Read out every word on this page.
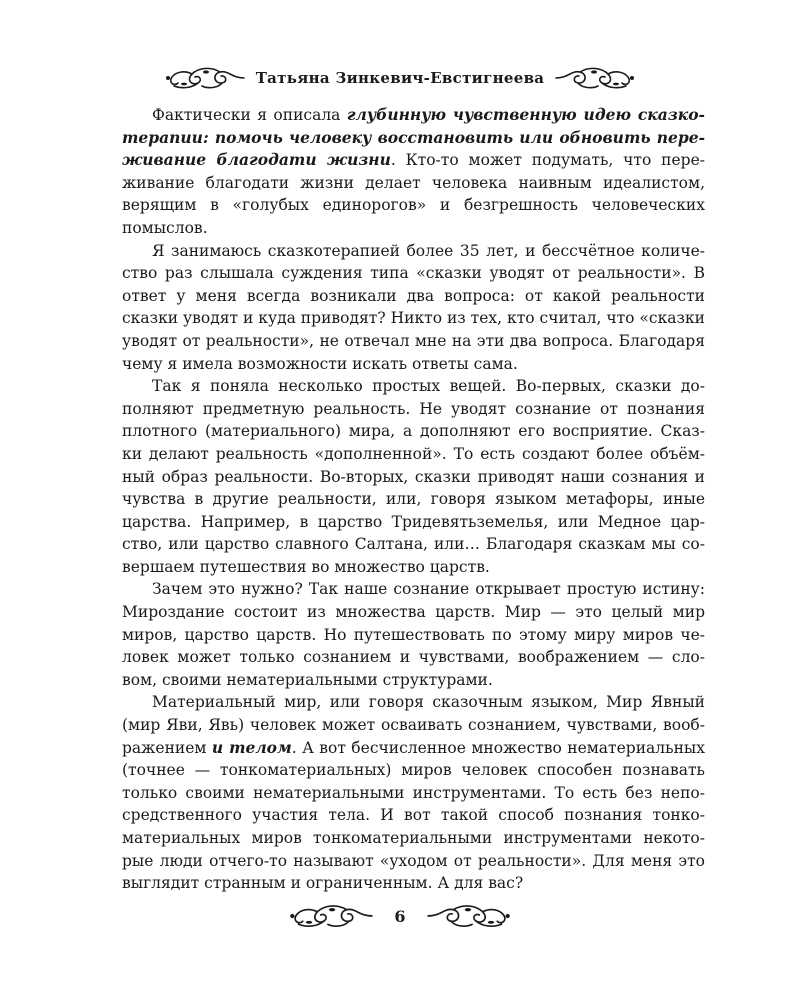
Татьяна Зинкевич-Евстигнеева

Фактически я описала глубинную чувственную идею сказко-терапии: помочь человеку восстановить или обновить пере-живание благодати жизни. Кто-то может подумать, что пере-живание благодати жизни делает человека наивным идеалистом, верящим в «голубых единорогов» и безгрешность человеческих помыслов.

Я занимаюсь сказкотерапией более 35 лет, и бессчётное количе-ство раз слышала суждения типа «сказки уводят от реальности». В ответ у меня всегда возникали два вопроса: от какой реальности сказки уводят и куда приводят? Никто из тех, кто считал, что «сказки уводят от реальности», не отвечал мне на эти два вопроса. Благодаря чему я имела возможности искать ответы сама.

Так я поняла несколько простых вещей. Во-первых, сказки до-полняют предметную реальность. Не уводят сознание от познания плотного (материального) мира, а дополняют его восприятие. Сказ-ки делают реальность «дополненной». То есть создают более объём-ный образ реальности. Во-вторых, сказки приводят наши сознания и чувства в другие реальности, или, говоря языком метафоры, иные царства. Например, в царство Тридевятьземелья, или Медное цар-ство, или царство славного Салтана, или… Благодаря сказкам мы со-вершаем путешествия во множество царств.

Зачем это нужно? Так наше сознание открывает простую истину: Мироздание состоит из множества царств. Мир — это целый мир миров, царство царств. Но путешествовать по этому миру миров че-ловек может только сознанием и чувствами, воображением — сло-вом, своими нематериальными структурами.

Материальный мир, или говоря сказочным языком, Мир Явный (мир Яви, Явь) человек может осваивать сознанием, чувствами, вооб-ражением и телом. А вот бесчисленное множество нематериальных (точнее — тонкоматериальных) миров человек способен познавать только своими нематериальными инструментами. То есть без непо-средственного участия тела. И вот такой способ познания тонко-материальных миров тонкоматериальными инструментами некото-рые люди отчего-то называют «уходом от реальности». Для меня это выглядит странным и ограниченным. А для вас?

6
